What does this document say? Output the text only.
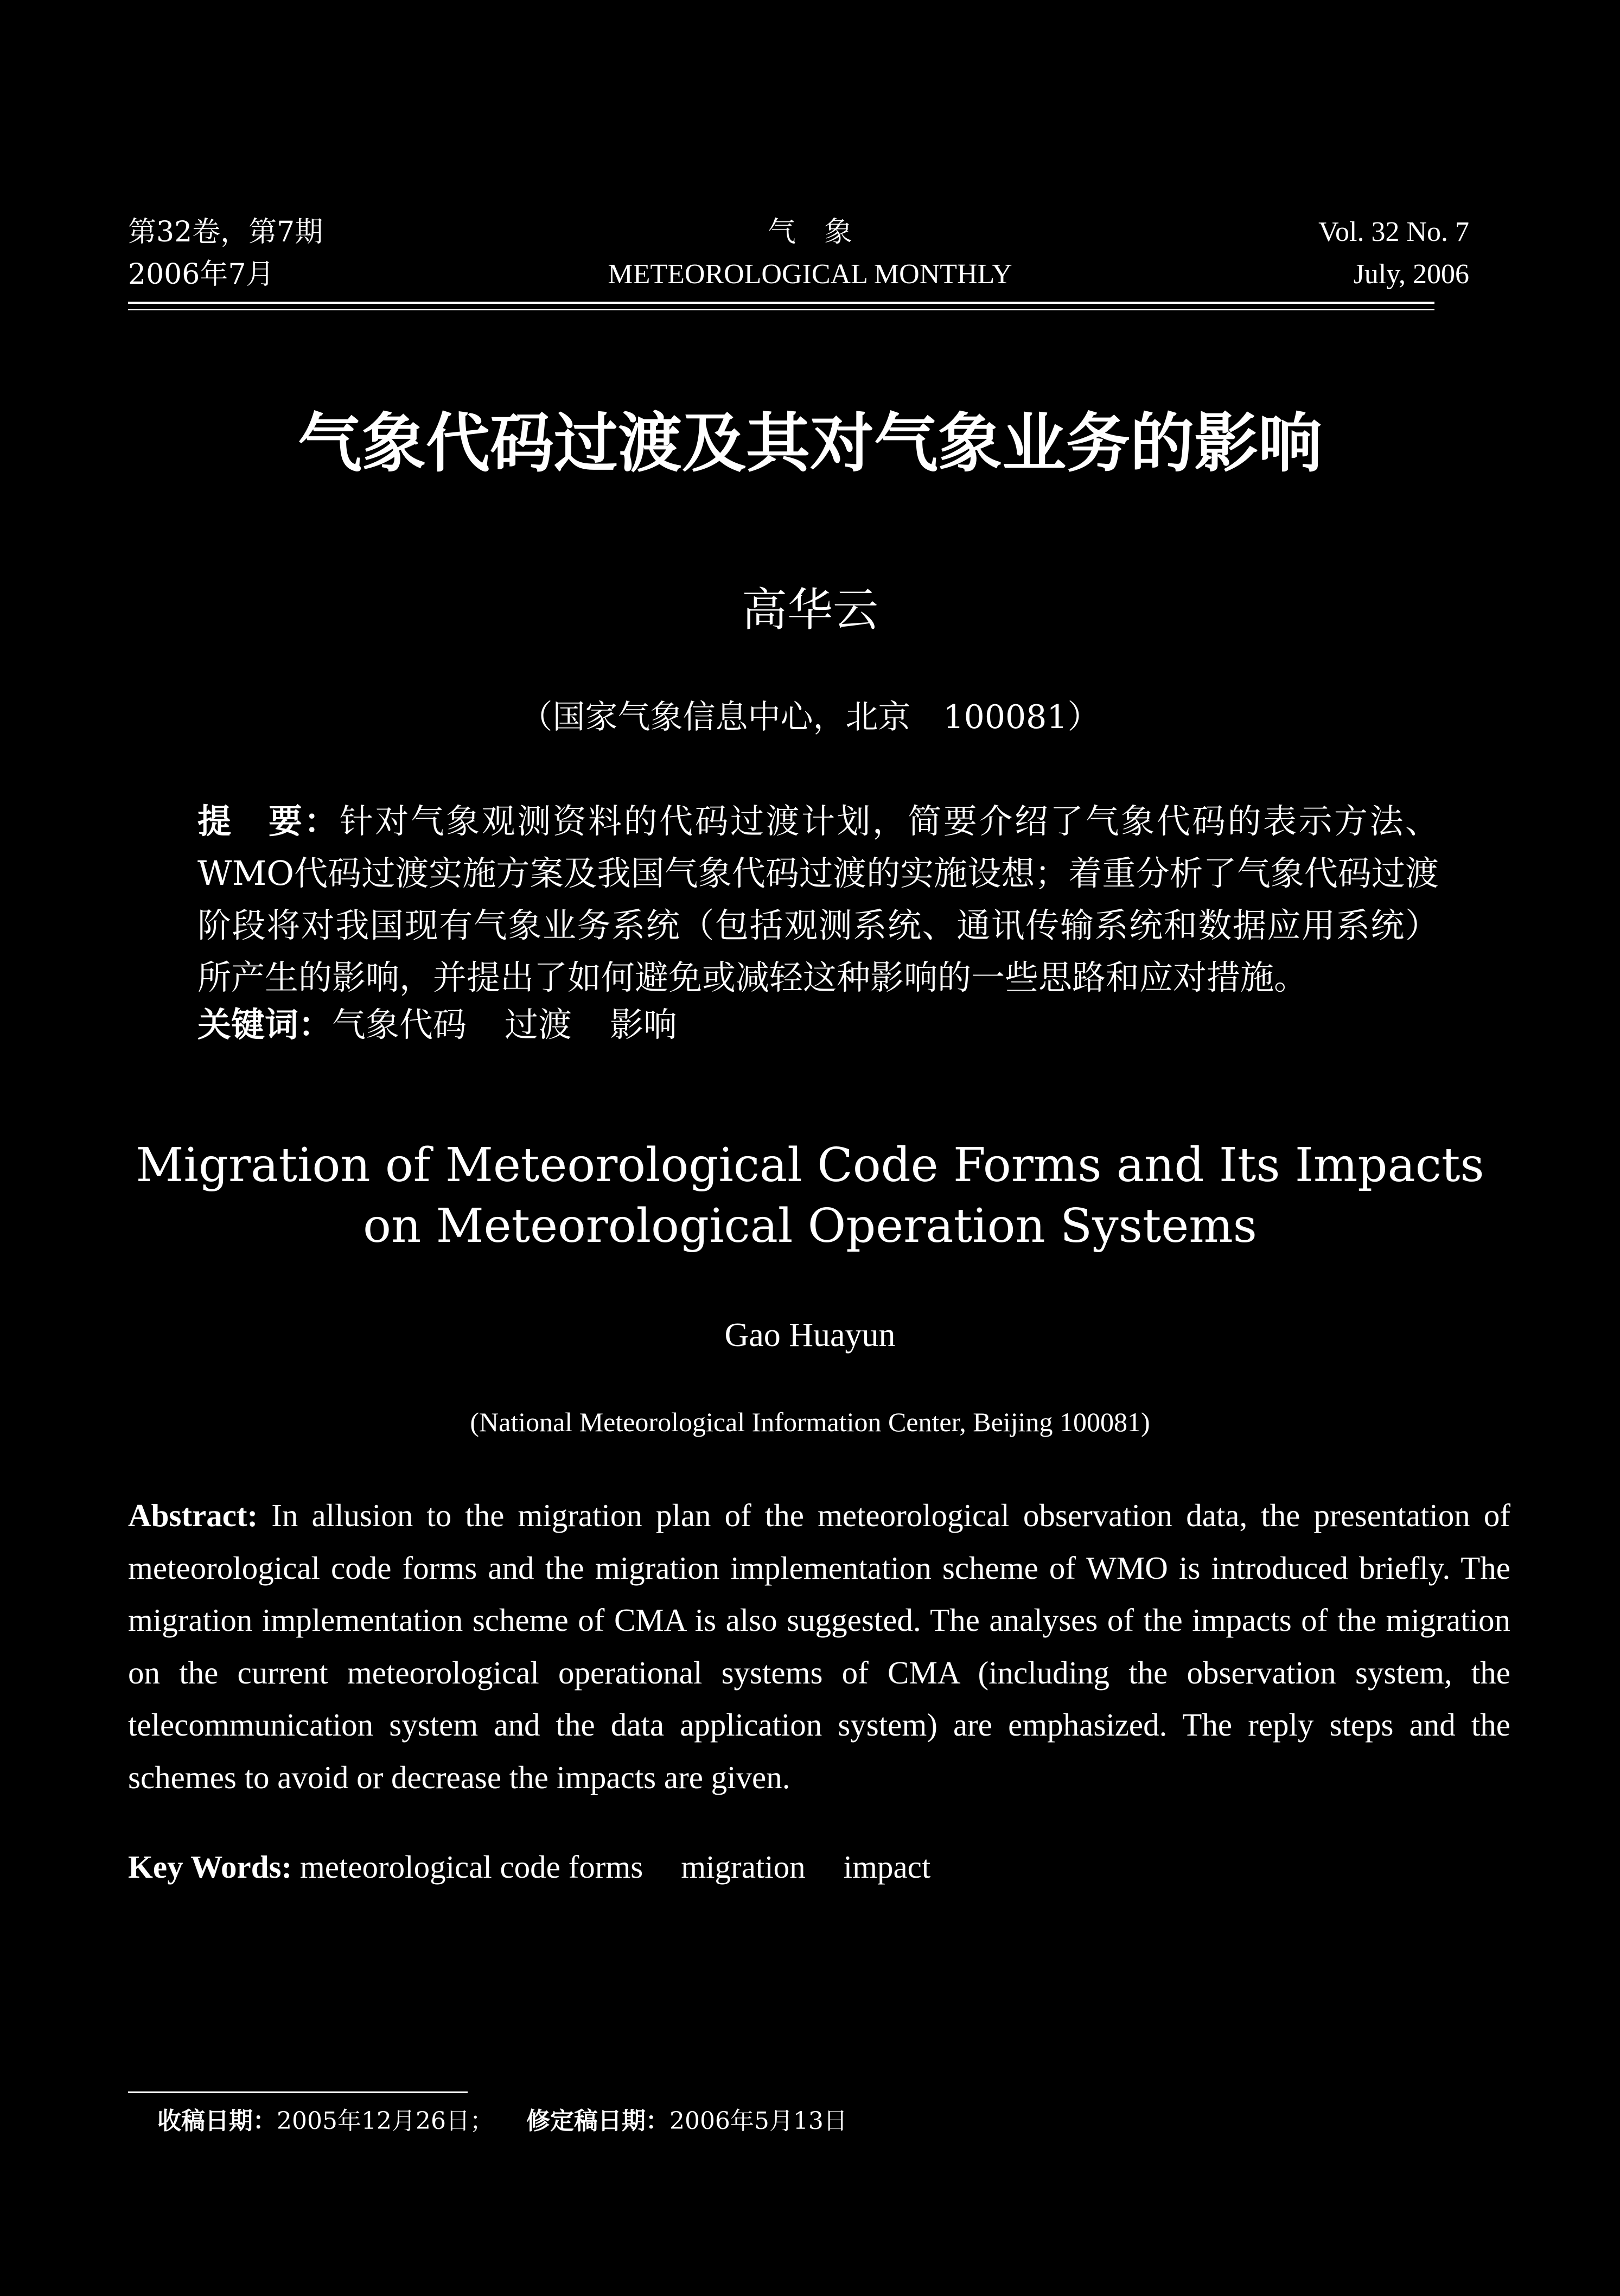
第32卷，第7期
2006年7月
气　象
METEOROLOGICAL MONTHLY
Vol. 32 No. 7
July, 2006
气象代码过渡及其对气象业务的影响
高华云
（国家气象信息中心，北京　100081）
提　要：针对气象观测资料的代码过渡计划，简要介绍了气象代码的表示方法、WMO代码过渡实施方案及我国气象代码过渡的实施设想；着重分析了气象代码过渡阶段将对我国现有气象业务系统（包括观测系统、通讯传输系统和数据应用系统）所产生的影响，并提出了如何避免或减轻这种影响的一些思路和应对措施。
关键词：气象代码 过渡 影响
Migration of Meteorological Code Forms and Its Impacts
on Meteorological Operation Systems
Gao Huayun
(National Meteorological Information Center, Beijing 100081)
Abstract: In allusion to the migration plan of the meteorological observation data, the presentation of meteorological code forms and the migration implementation scheme of WMO is introduced briefly. The migration implementation scheme of CMA is also suggested. The analyses of the impacts of the migration on the current meteorological operational systems of CMA (including the observation system, the telecommunication system and the data application system) are emphasized. The reply steps and the schemes to avoid or decrease the impacts are given.
Key Words: meteorological code forms migration impact
收稿日期：2005年12月26日； 修定稿日期：2006年5月13日
